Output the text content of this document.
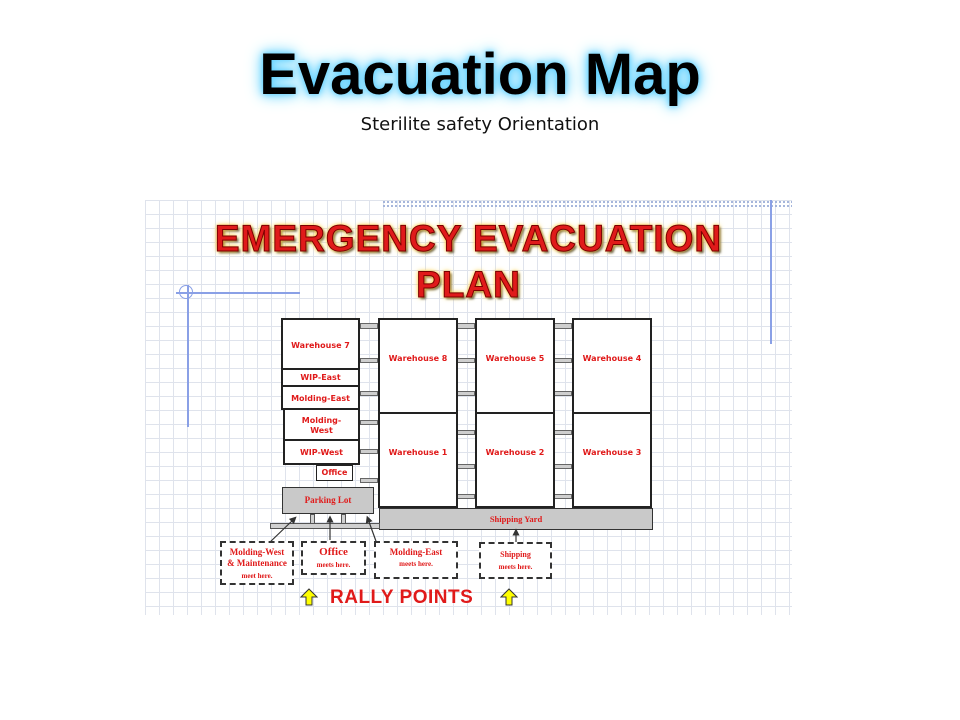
Evacuation Map
Sterilite safety Orientation
EMERGENCY EVACUATION
PLAN
Warehouse 7
WIP-East
Molding-East
Molding-
West
WIP-West
Office
Warehouse 8	Warehouse 5	Warehouse 4
Warehouse 1	Warehouse 2	Warehouse 3
Shipping Yard
Parking Lot
Molding-West
& Maintenance
meet here.
Office
meets here.
Molding-East
meets here.
Shipping
meets here.
RALLY POINTS
